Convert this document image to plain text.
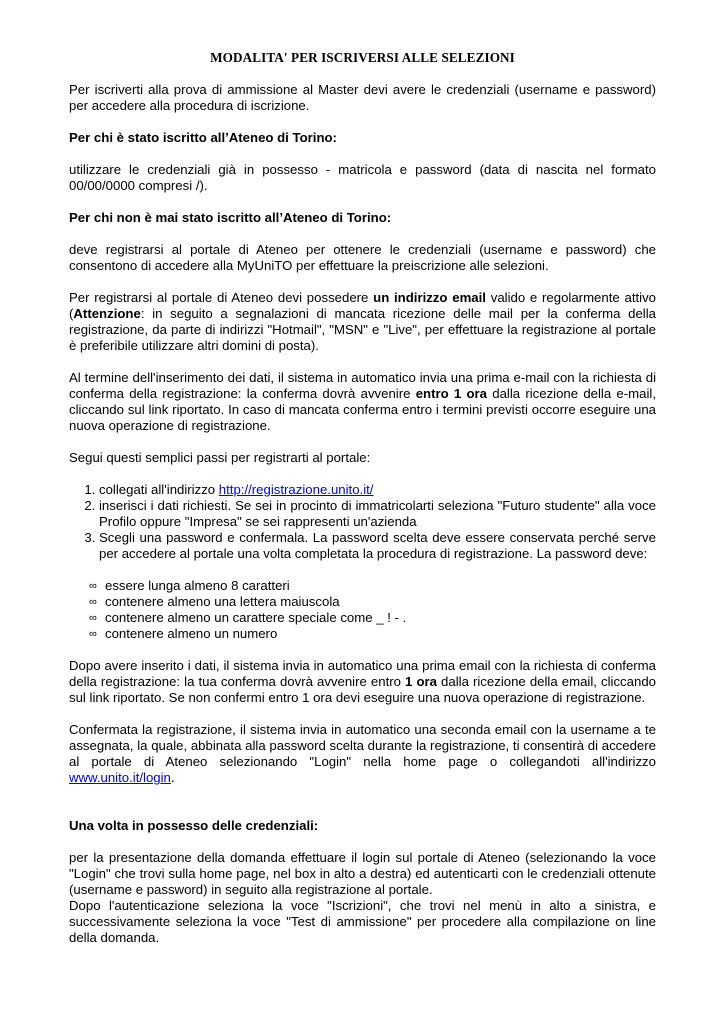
MODALITA' PER ISCRIVERSI ALLE SELEZIONI

Per iscriverti alla prova di ammissione al Master devi avere le credenziali (username e password) per accedere alla procedura di iscrizione.

Per chi è stato iscritto all’Ateneo di Torino:

utilizzare le credenziali già in possesso - matricola e password (data di nascita nel formato 00/00/0000 compresi /).

Per chi non è mai stato iscritto all’Ateneo di Torino:

deve registrarsi al portale di Ateneo per ottenere le credenziali (username e password) che consentono di accedere alla MyUniTO per effettuare la preiscrizione alle selezioni.

Per registrarsi al portale di Ateneo devi possedere un indirizzo email valido e regolarmente attivo (Attenzione: in seguito a segnalazioni di mancata ricezione delle mail per la conferma della registrazione, da parte di indirizzi "Hotmail", "MSN" e "Live", per effettuare la registrazione al portale è preferibile utilizzare altri domini di posta).

Al termine dell'inserimento dei dati, il sistema in automatico invia una prima e-mail con la richiesta di conferma della registrazione: la conferma dovrà avvenire entro 1 ora dalla ricezione della e-mail, cliccando sul link riportato. In caso di mancata conferma entro i termini previsti occorre eseguire una nuova operazione di registrazione.

Segui questi semplici passi per registrarti al portale:

1. collegati all'indirizzo http://registrazione.unito.it/
2. inserisci i dati richiesti. Se sei in procinto di immatricolarti seleziona "Futuro studente" alla voce Profilo oppure "Impresa" se sei rappresenti un'azienda
3. Scegli una password e confermala. La password scelta deve essere conservata perché serve per accedere al portale una volta completata la procedura di registrazione. La password deve:
∞ essere lunga almeno 8 caratteri
∞ contenere almeno una lettera maiuscola
∞ contenere almeno un carattere speciale come _ ! - .
∞ contenere almeno un numero

Dopo avere inserito i dati, il sistema invia in automatico una prima email con la richiesta di conferma della registrazione: la tua conferma dovrà avvenire entro 1 ora dalla ricezione della email, cliccando sul link riportato. Se non confermi entro 1 ora devi eseguire una nuova operazione di registrazione.

Confermata la registrazione, il sistema invia in automatico una seconda email con la username a te assegnata, la quale, abbinata alla password scelta durante la registrazione, ti consentirà di accedere al portale di Ateneo selezionando "Login" nella home page o collegandoti all'indirizzo www.unito.it/login.

Una volta in possesso delle credenziali:

per la presentazione della domanda effettuare il login sul portale di Ateneo (selezionando la voce "Login" che trovi sulla home page, nel box in alto a destra) ed autenticarti con le credenziali ottenute (username e password) in seguito alla registrazione al portale.

Dopo l'autenticazione seleziona la voce "Iscrizioni", che trovi nel menù in alto a sinistra, e successivamente seleziona la voce "Test di ammissione" per procedere alla compilazione on line della domanda.
